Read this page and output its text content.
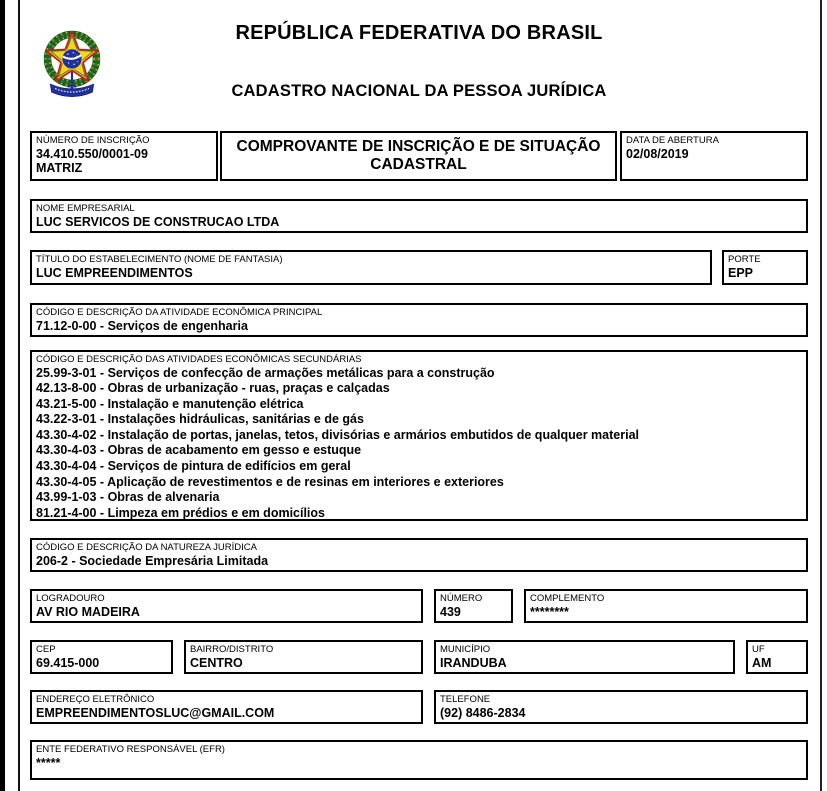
REPÚBLICA FEDERATIVA DO BRASIL
CADASTRO NACIONAL DA PESSOA JURÍDICA
NÚMERO DE INSCRIÇÃO
34.410.550/0001-09
MATRIZ
COMPROVANTE DE INSCRIÇÃO E DE SITUAÇÃO CADASTRAL
DATA DE ABERTURA
02/08/2019
NOME EMPRESARIAL
LUC SERVICOS DE CONSTRUCAO LTDA
TÍTULO DO ESTABELECIMENTO (NOME DE FANTASIA)
LUC EMPREENDIMENTOS
PORTE
EPP
CÓDIGO E DESCRIÇÃO DA ATIVIDADE ECONÔMICA PRINCIPAL
71.12-0-00 - Serviços de engenharia
CÓDIGO E DESCRIÇÃO DAS ATIVIDADES ECONÔMICAS SECUNDÁRIAS
25.99-3-01 - Serviços de confecção de armações metálicas para a construção
42.13-8-00 - Obras de urbanização - ruas, praças e calçadas
43.21-5-00 - Instalação e manutenção elétrica
43.22-3-01 - Instalações hidráulicas, sanitárias e de gás
43.30-4-02 - Instalação de portas, janelas, tetos, divisórias e armários embutidos de qualquer material
43.30-4-03 - Obras de acabamento em gesso e estuque
43.30-4-04 - Serviços de pintura de edifícios em geral
43.30-4-05 - Aplicação de revestimentos e de resinas em interiores e exteriores
43.99-1-03 - Obras de alvenaria
81.21-4-00 - Limpeza em prédios e em domicílios
CÓDIGO E DESCRIÇÃO DA NATUREZA JURÍDICA
206-2 - Sociedade Empresária Limitada
LOGRADOURO
AV RIO MADEIRA
NÚMERO
439
COMPLEMENTO
********
CEP
69.415-000
BAIRRO/DISTRITO
CENTRO
MUNICÍPIO
IRANDUBA
UF
AM
ENDEREÇO ELETRÔNICO
EMPREENDIMENTOSLUC@GMAIL.COM
TELEFONE
(92) 8486-2834
ENTE FEDERATIVO RESPONSÁVEL (EFR)
*****
